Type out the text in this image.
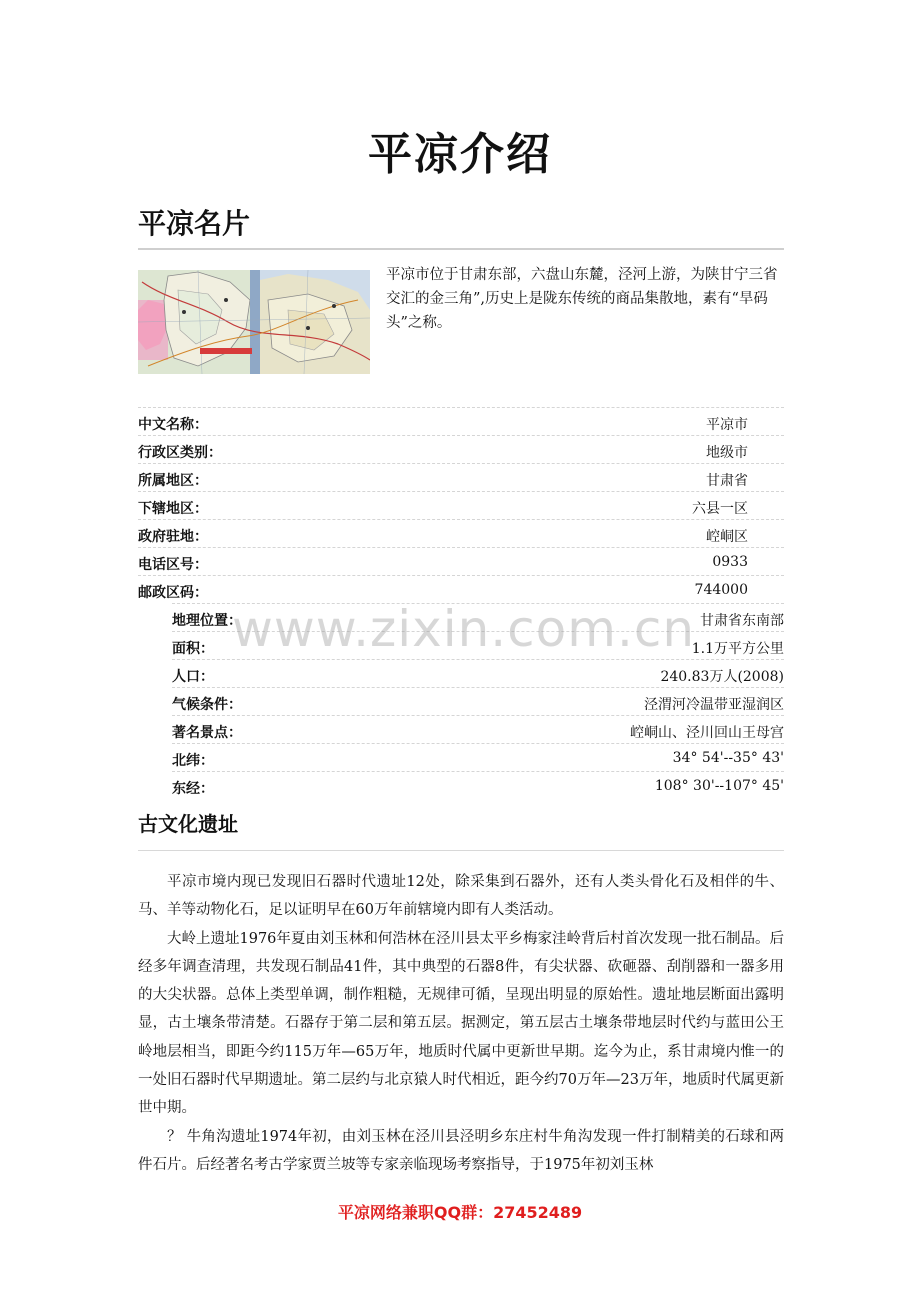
平凉介绍
平凉名片
平凉市位于甘肃东部，六盘山东麓，泾河上游，为陕甘宁三省交汇的金三角”,历史上是陇东传统的商品集散地，素有“旱码头”之称。
中文名称：	平凉市
行政区类别：	地级市
所属地区：	甘肃省
下辖地区：	六县一区
政府驻地：	崆峒区
电话区号：	0933
邮政区码：	744000
地理位置：	甘肃省东南部
面积：	1.1万平方公里
人口：	240.83万人(2008)
气候条件：	泾渭河冷温带亚湿润区
著名景点：	崆峒山、泾川回山王母宫
北纬：	34° 54'--35° 43'
东经：	108° 30'--107° 45'
www.zixin.com.cn
古文化遗址

平凉市境内现已发现旧石器时代遗址12处，除采集到石器外，还有人类头骨化石及相伴的牛、马、羊等动物化石，足以证明早在60万年前辖境内即有人类活动。

大岭上遗址1976年夏由刘玉林和何浩林在泾川县太平乡梅家洼岭背后村首次发现一批石制品。后经多年调查清理，共发现石制品41件，其中典型的石器8件，有尖状器、砍砸器、刮削器和一器多用的大尖状器。总体上类型单调，制作粗糙，无规律可循，呈现出明显的原始性。遗址地层断面出露明显，古土壤条带清楚。石器存于第二层和第五层。据测定，第五层古土壤条带地层时代约与蓝田公王岭地层相当，即距今约115万年—65万年，地质时代属中更新世早期。迄今为止，系甘肃境内惟一的一处旧石器时代早期遗址。第二层约与北京猿人时代相近，距今约70万年—23万年，地质时代属更新世中期。

？ 牛角沟遗址1974年初，由刘玉林在泾川县泾明乡东庄村牛角沟发现一件打制精美的石球和两件石片。后经著名考古学家贾兰坡等专家亲临现场考察指导，于1975年初刘玉林

平凉网络兼职QQ群：27452489
